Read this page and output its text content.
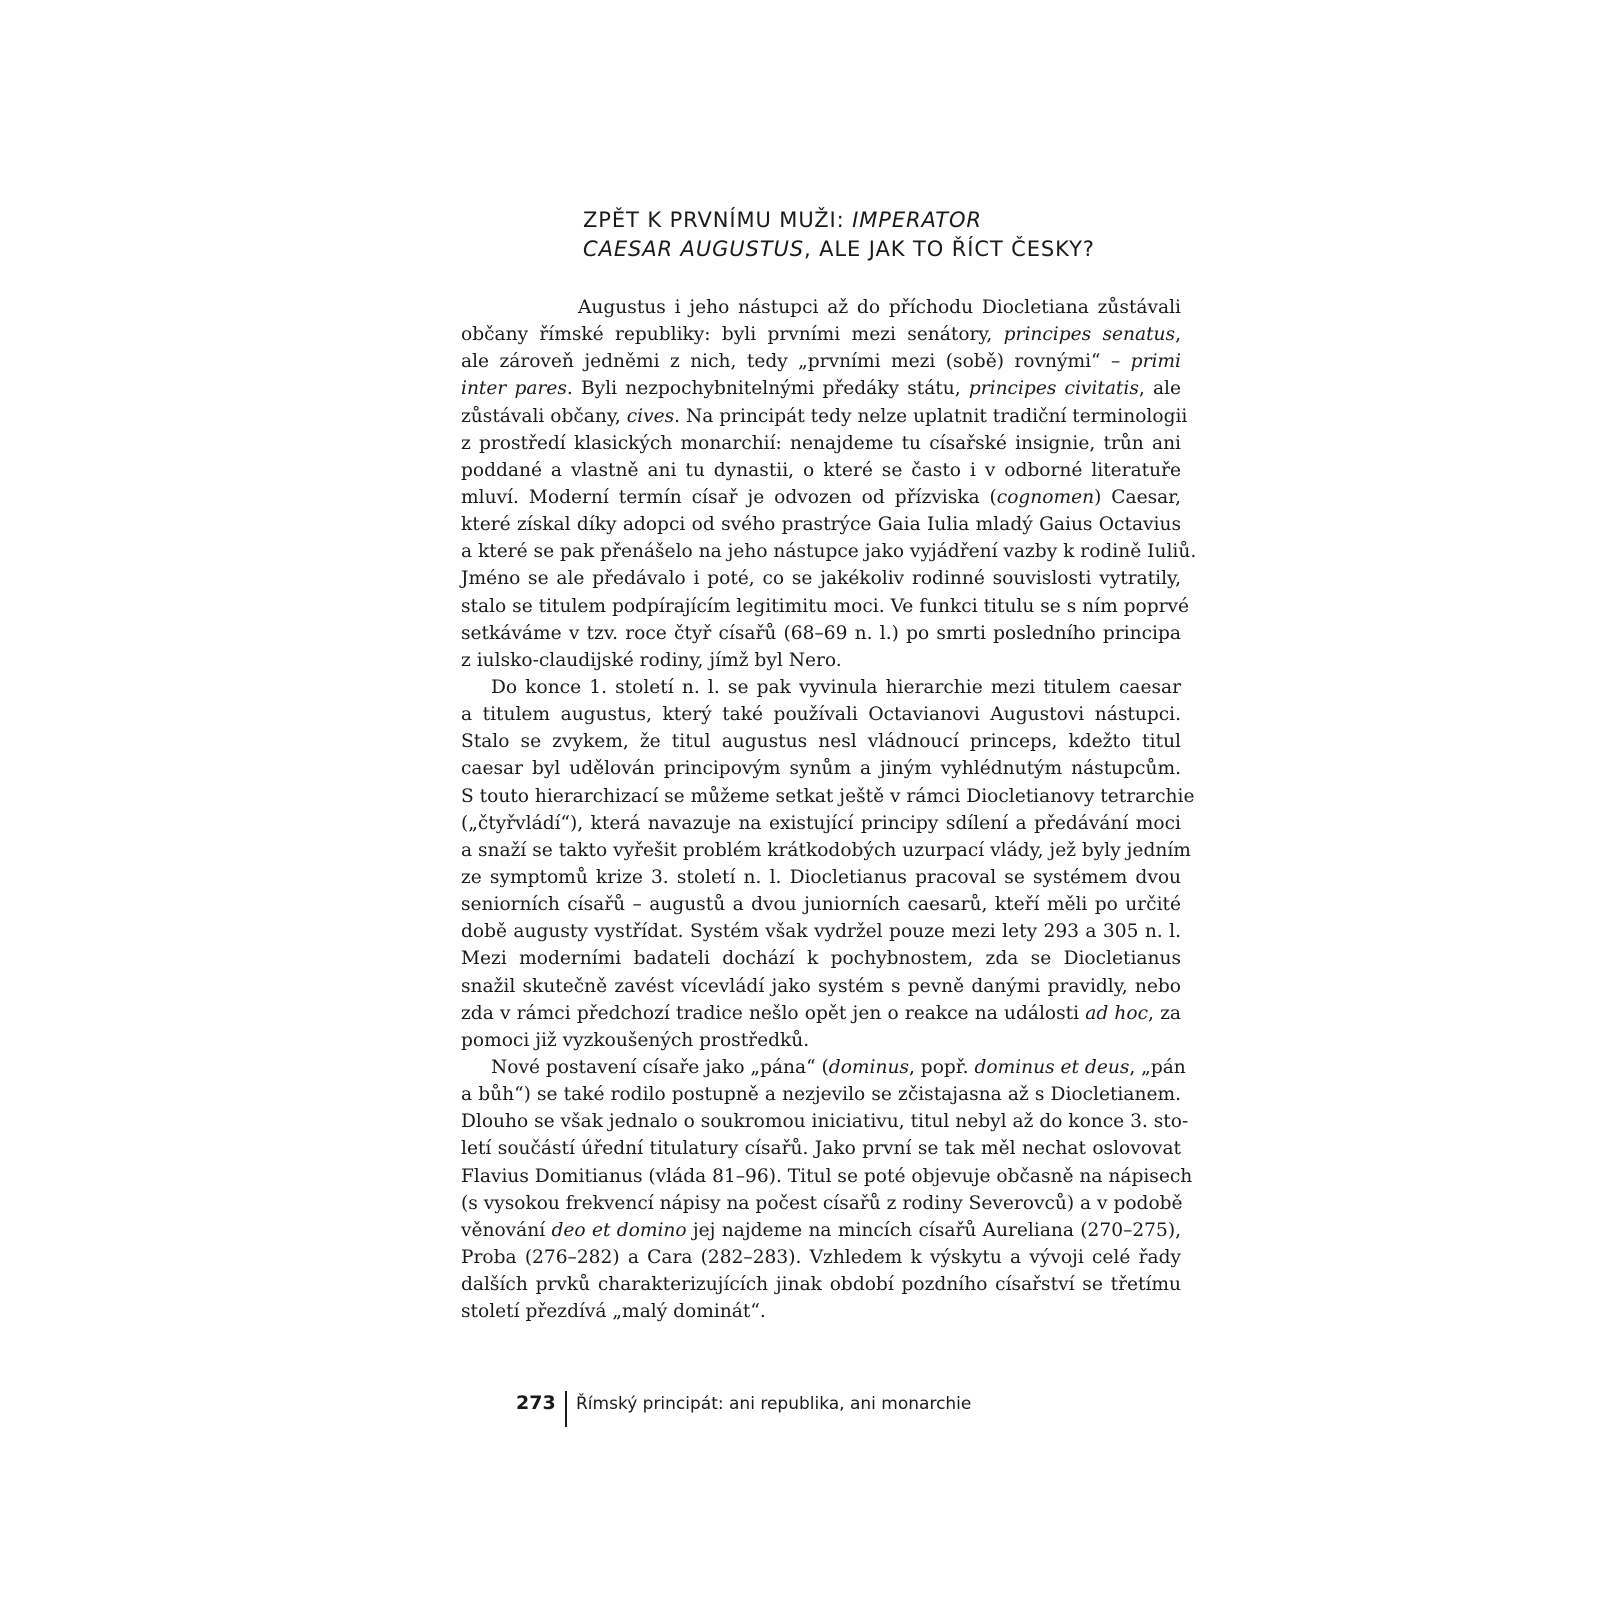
ZPĚT K PRVNÍMU MUŽI: IMPERATOR
CAESAR AUGUSTUS, ALE JAK TO ŘÍCT ČESKY?
Augustus i jeho nástupci až do příchodu Diocletiana zůstávali
občany římské republiky: byli prvními mezi senátory, principes senatus,
ale zároveň jedněmi z nich, tedy „prvními mezi (sobě) rovnými“ – primi
inter pares. Byli nezpochybnitelnými předáky státu, principes civitatis, ale
zůstávali občany, cives. Na principát tedy nelze uplatnit tradiční terminologii
z prostředí klasických monarchií: nenajdeme tu císařské insignie, trůn ani
poddané a vlastně ani tu dynastii, o které se často i v odborné literatuře
mluví. Moderní termín císař je odvozen od přízviska (cognomen) Caesar,
které získal díky adopci od svého prastrýce Gaia Iulia mladý Gaius Octavius
a které se pak přenášelo na jeho nástupce jako vyjádření vazby k rodině Iuliů.
Jméno se ale předávalo i poté, co se jakékoliv rodinné souvislosti vytratily,
stalo se titulem podpírajícím legitimitu moci. Ve funkci titulu se s ním poprvé
setkáváme v tzv. roce čtyř císařů (68–69 n. l.) po smrti posledního principa
z iulsko-claudijské rodiny, jímž byl Nero.
Do konce 1. století n. l. se pak vyvinula hierarchie mezi titulem caesar
a titulem augustus, který také používali Octavianovi Augustovi nástupci.
Stalo se zvykem, že titul augustus nesl vládnoucí princeps, kdežto titul
caesar byl udělován principovým synům a jiným vyhlédnutým nástupcům.
S touto hierarchizací se můžeme setkat ještě v rámci Diocletianovy tetrarchie
(„čtyřvládí“), která navazuje na existující principy sdílení a předávání moci
a snaží se takto vyřešit problém krátkodobých uzurpací vlády, jež byly jedním
ze symptomů krize 3. století n. l. Diocletianus pracoval se systémem dvou
seniorních císařů – augustů a dvou juniorních caesarů, kteří měli po určité
době augusty vystřídat. Systém však vydržel pouze mezi lety 293 a 305 n. l.
Mezi moderními badateli dochází k pochybnostem, zda se Diocletianus
snažil skutečně zavést vícevládí jako systém s pevně danými pravidly, nebo
zda v rámci předchozí tradice nešlo opět jen o reakce na události ad hoc, za
pomoci již vyzkoušených prostředků.
Nové postavení císaře jako „pána“ (dominus, popř. dominus et deus, „pán
a bůh“) se také rodilo postupně a nezjevilo se zčistajasna až s Diocletianem.
Dlouho se však jednalo o soukromou iniciativu, titul nebyl až do konce 3. sto-
letí součástí úřední titulatury císařů. Jako první se tak měl nechat oslovovat
Flavius Domitianus (vláda 81–96). Titul se poté objevuje občasně na nápisech
(s vysokou frekvencí nápisy na počest císařů z rodiny Severovců) a v podobě
věnování deo et domino jej najdeme na mincích císařů Aureliana (270–275),
Proba (276–282) a Cara (282–283). Vzhledem k výskytu a vývoji celé řady
dalších prvků charakterizujících jinak období pozdního císařství se třetímu
století přezdívá „malý dominát“.
273 Římský principát: ani republika, ani monarchie
